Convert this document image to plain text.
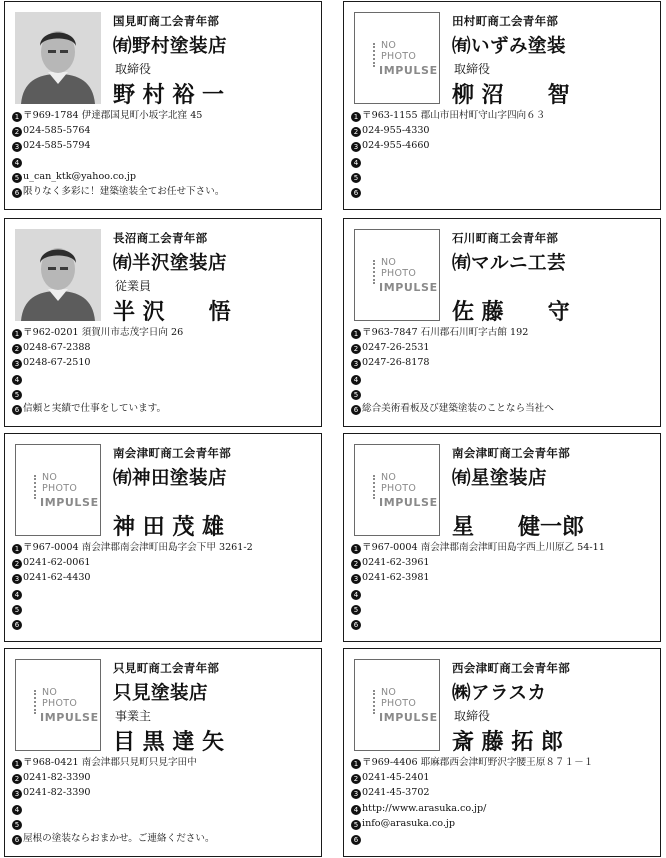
国見町商工会青年部
㈲野村塗装店
取締役
野 村 裕 一
1 〒969-1784 伊達郡国見町小坂字北窪 45
2 024-585-5764
3 024-585-5794
4
5 u_can_ktk@yahoo.co.jp
6 限りなく多彩に！建築塗装全てお任せ下さい。
NO
PHOTO
IMPULSE
田村町商工会青年部
㈲いずみ塗装
取締役
柳 沼　　智
1 〒963-1155 郡山市田村町守山字四向６３
2 024-955-4330
3 024-955-4660
4
5
6
長沼商工会青年部
㈲半沢塗装店
従業員
半 沢　　悟
1 〒962-0201 須賀川市志茂字日向 26
2 0248-67-2388
3 0248-67-2510
4
5
6 信頼と実績で仕事をしています。
NO
PHOTO
IMPULSE
石川町商工会青年部
㈲マルニ工芸
佐 藤　　守
1 〒963-7847 石川郡石川町字古館 192
2 0247-26-2531
3 0247-26-8178
4
5
6 総合美術看板及び建築塗装のことなら当社へ
NO
PHOTO
IMPULSE
南会津町商工会青年部
㈲神田塗装店
神 田 茂 雄
1 〒967-0004 南会津郡南会津町田島字会下甲 3261-2
2 0241-62-0061
3 0241-62-4430
4
5
6
NO
PHOTO
IMPULSE
南会津町商工会青年部
㈲星塗装店
星　　健一郎
1 〒967-0004 南会津郡南会津町田島字西上川原乙 54-11
2 0241-62-3961
3 0241-62-3981
4
5
6
NO
PHOTO
IMPULSE
只見町商工会青年部
只見塗装店
事業主
目 黒 達 矢
1 〒968-0421 南会津郡只見町只見字田中
2 0241-82-3390
3 0241-82-3390
4
5
6 屋根の塗装ならおまかせ。ご連絡ください。
NO
PHOTO
IMPULSE
西会津町商工会青年部
㈱アラスカ
取締役
斎 藤 拓 郎
1 〒969-4406 耶麻郡西会津町野沢字腰王原８７１－１
2 0241-45-2401
3 0241-45-3702
4 http://www.arasuka.co.jp/
5 info@arasuka.co.jp
6
